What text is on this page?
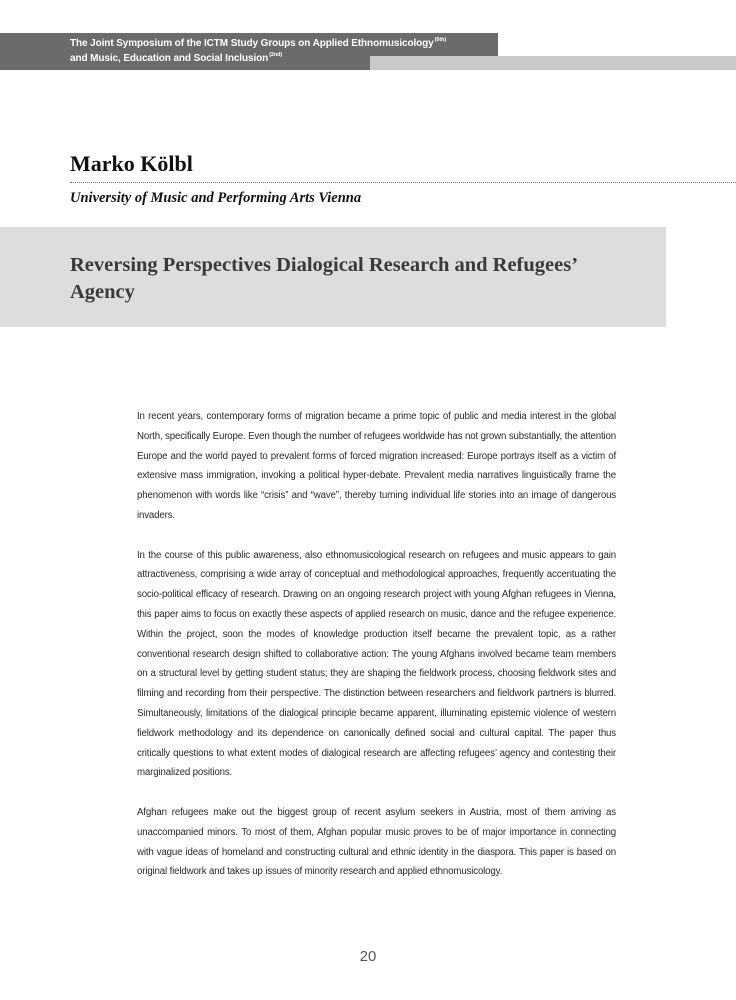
The Joint Symposium of the ICTM Study Groups on Applied Ethnomusicology$^{(6th)}$
and Music, Education and Social Inclusion$^{(2nd)}$
Marko Kölbl
University of Music and Performing Arts Vienna
Reversing Perspectives Dialogical Research and Refugees’ Agency

In recent years, contemporary forms of migration became a prime topic of public and media interest in the global North, specifically Europe. Even though the number of refugees worldwide has not grown substantially, the attention Europe and the world payed to prevalent forms of forced migration increased: Europe portrays itself as a victim of extensive mass immigration, invoking a political hyper-debate. Prevalent media narratives linguistically frame the phenomenon with words like “crisis” and “wave”, thereby turning individual life stories into an image of dangerous invaders.

In the course of this public awareness, also ethnomusicological research on refugees and music appears to gain attractiveness, comprising a wide array of conceptual and methodological approaches, frequently accentuating the socio-political efficacy of research. Drawing on an ongoing research project with young Afghan refugees in Vienna, this paper aims to focus on exactly these aspects of applied research on music, dance and the refugee experience. Within the project, soon the modes of knowledge production itself became the prevalent topic, as a rather conventional research design shifted to collaborative action: The young Afghans involved became team members on a structural level by getting student status; they are shaping the fieldwork process, choosing fieldwork sites and filming and recording from their perspective. The distinction between researchers and fieldwork partners is blurred. Simultaneously, limitations of the dialogical principle became apparent, illuminating epistemic violence of western fieldwork methodology and its dependence on canonically defined social and cultural capital. The paper thus critically questions to what extent modes of dialogical research are affecting refugees’ agency and contesting their marginalized positions.

Afghan refugees make out the biggest group of recent asylum seekers in Austria, most of them arriving as unaccompanied minors. To most of them, Afghan popular music proves to be of major importance in connecting with vague ideas of homeland and constructing cultural and ethnic identity in the diaspora. This paper is based on original fieldwork and takes up issues of minority research and applied ethnomusicology.

20
